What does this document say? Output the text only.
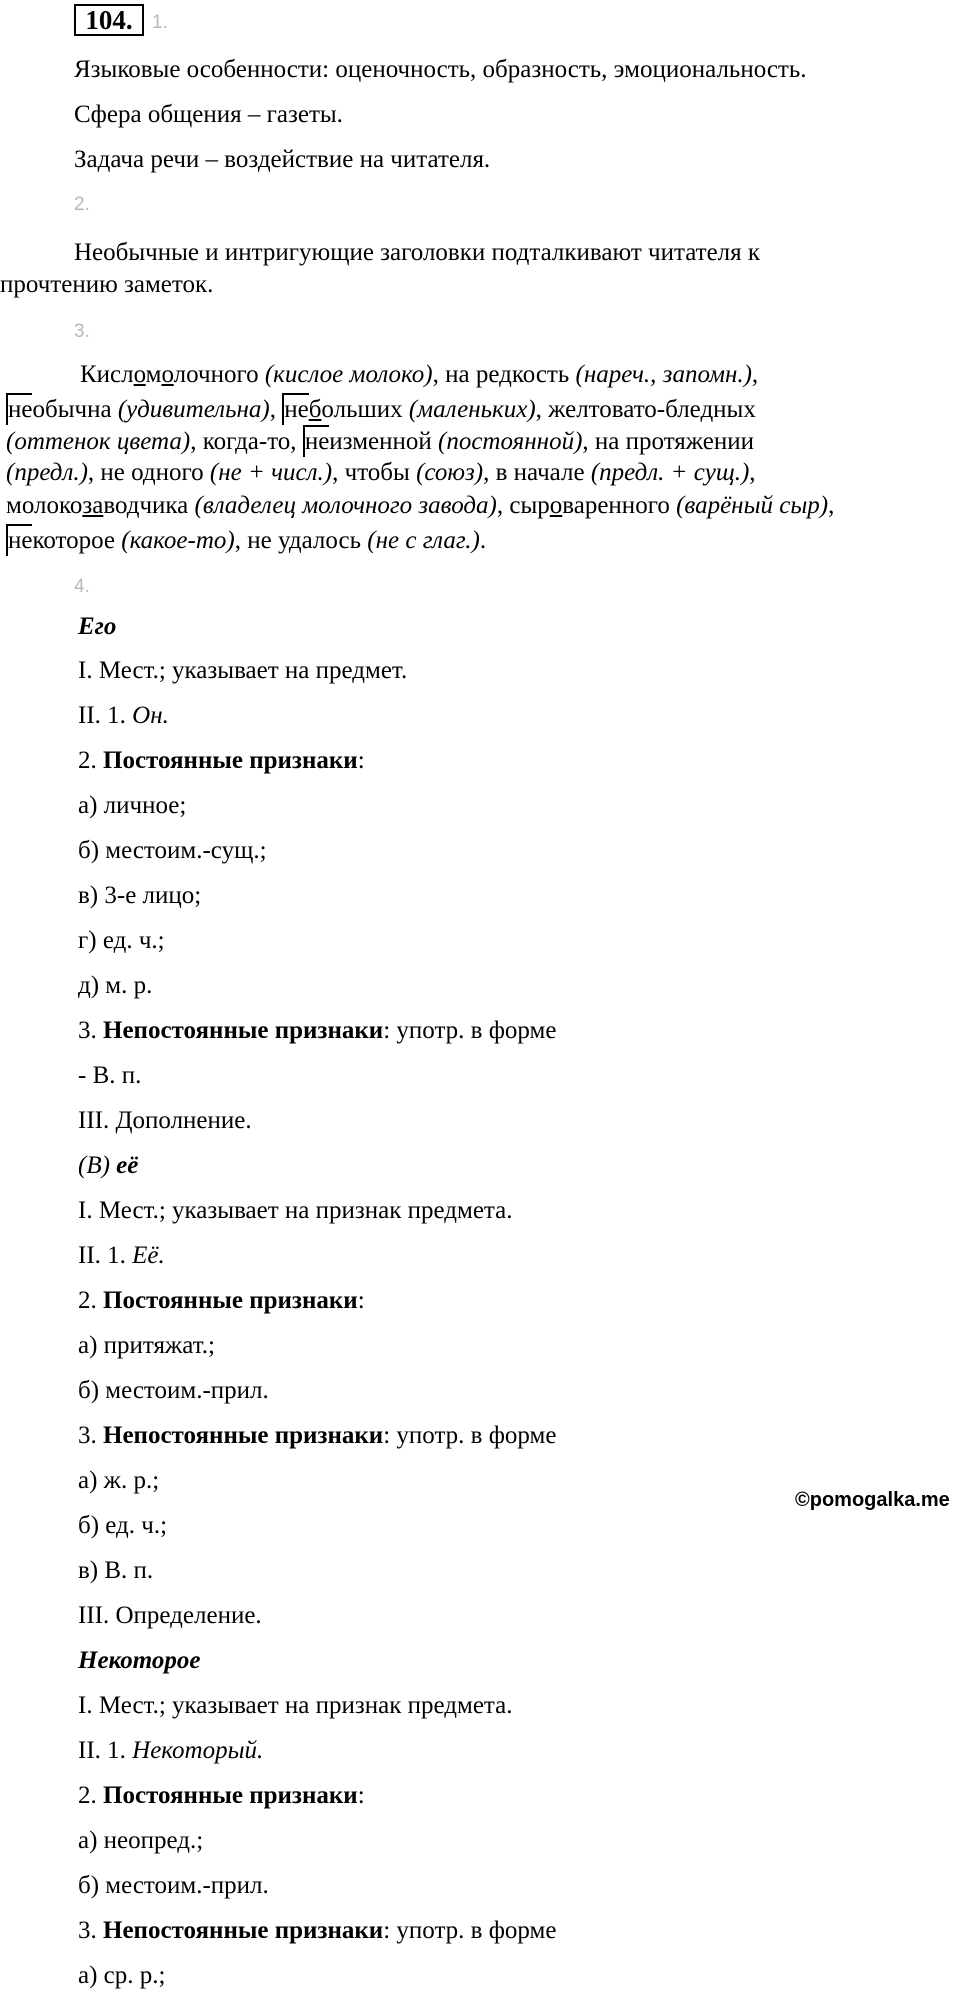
104.	1.
Языковые особенности: оценочность, образность, эмоциональность.
Сфера общения – газеты.
Задача речи – воздействие на читателя.
2.
Необычные и интригующие заголовки подталкивают читателя к
прочтению заметок.
3.
Кисломолочного (кислое молоко), на редкость (нареч., запомн.),
необычна (удивительна), небольших (маленьких), желтовато-бледных
(оттенок цвета), когда-то, неизменной (постоянной), на протяжении
(предл.), не одного (не + числ.), чтобы (союз), в начале (предл. + сущ.),
молокозаводчика (владелец молочного завода), сыроваренного (варёный сыр),
некоторое (какое-то), не удалось (не с глаг.).
4.
Его
I. Мест.; указывает на предмет.
II. 1. Он.
2. Постоянные признаки:
а) личное;
б) местоим.-сущ.;
в) 3-е лицо;
г) ед. ч.;
д) м. р.
3. Непостоянные признаки: употр. в форме
- В. п.
III. Дополнение.
(В) её
I. Мест.; указывает на признак предмета.
II. 1. Её.
2. Постоянные признаки:
а) притяжат.;
б) местоим.-прил.
3. Непостоянные признаки: употр. в форме
а) ж. р.;
б) ед. ч.;
в) В. п.
III. Определение.
Некоторое
I. Мест.; указывает на признак предмета.
II. 1. Некоторый.
2. Постоянные признаки:
а) неопред.;
б) местоим.-прил.
3. Непостоянные признаки: употр. в форме
а) ср. р.;
©pomogalka.me
